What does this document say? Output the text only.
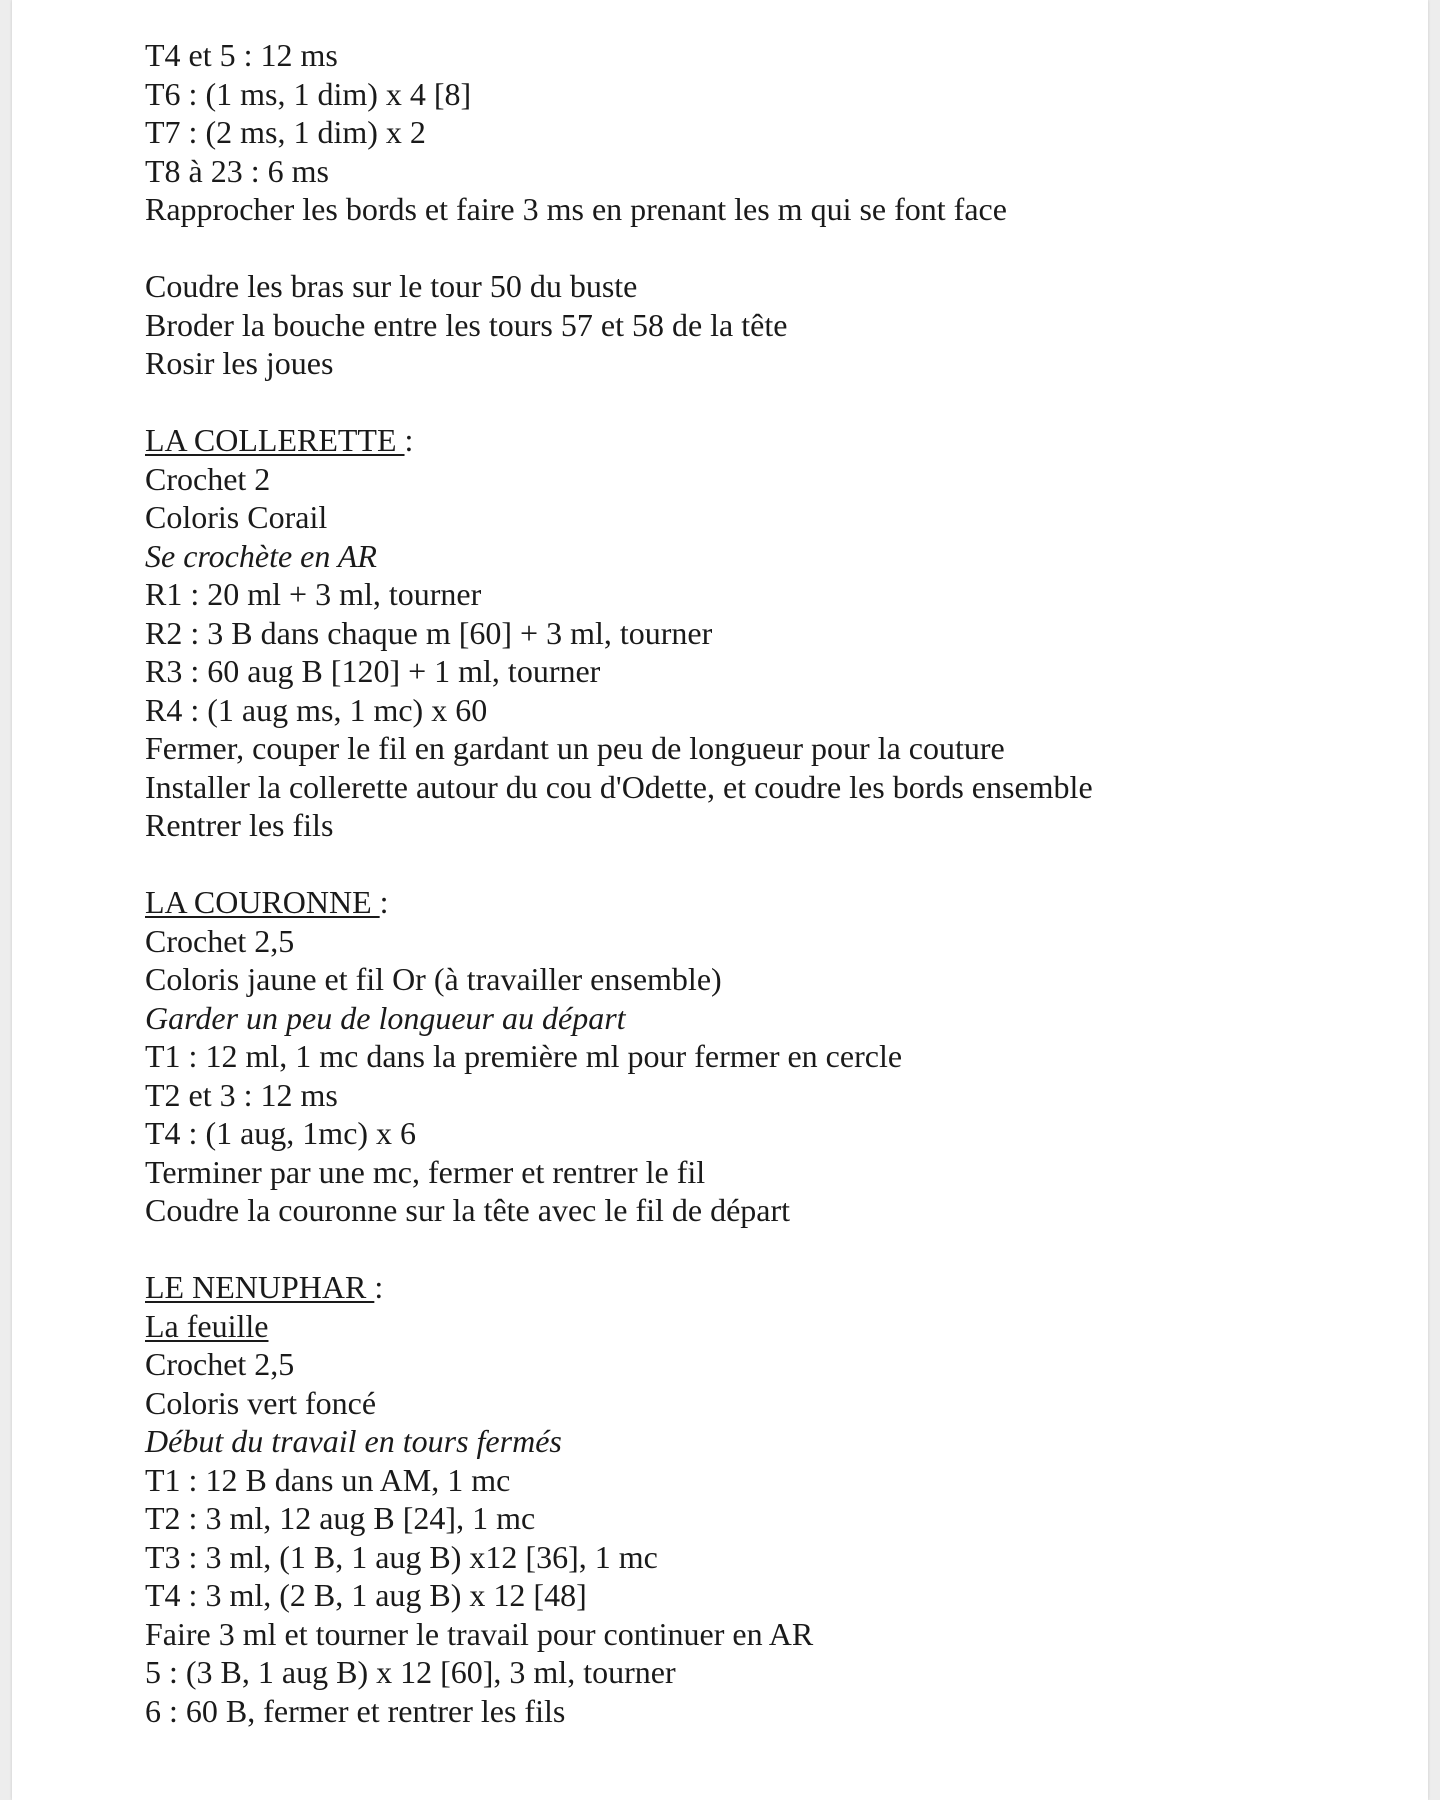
T4 et 5 : 12 ms
T6 : (1 ms, 1 dim) x 4 [8]
T7 : (2 ms, 1 dim) x 2
T8 à 23 : 6 ms
Rapprocher les bords et faire 3 ms en prenant les m qui se font face
Coudre les bras sur le tour 50 du buste
Broder la bouche entre les tours 57 et 58 de la tête
Rosir les joues
LA COLLERETTE :
Crochet 2
Coloris Corail
Se crochète en AR
R1 : 20 ml + 3 ml, tourner
R2 : 3 B dans chaque m [60] + 3 ml, tourner
R3 : 60 aug B [120] + 1 ml, tourner
R4 : (1 aug ms, 1 mc) x 60
Fermer, couper le fil en gardant un peu de longueur pour la couture
Installer la collerette autour du cou d'Odette, et coudre les bords ensemble
Rentrer les fils
LA COURONNE :
Crochet 2,5
Coloris jaune et fil Or (à travailler ensemble)
Garder un peu de longueur au départ
T1 : 12 ml, 1 mc dans la première ml pour fermer en cercle
T2 et 3 : 12 ms
T4 : (1 aug, 1mc) x 6
Terminer par une mc, fermer et rentrer le fil
Coudre la couronne sur la tête avec le fil de départ
LE NENUPHAR :
La feuille
Crochet 2,5
Coloris vert foncé
Début du travail en tours fermés
T1 : 12 B dans un AM, 1 mc
T2 : 3 ml, 12 aug B [24], 1 mc
T3 : 3 ml, (1 B, 1 aug B) x12 [36], 1 mc
T4 : 3 ml, (2 B, 1 aug B) x 12 [48]
Faire 3 ml et tourner le travail pour continuer en AR
5 : (3 B, 1 aug B) x 12 [60], 3 ml, tourner
6 : 60 B, fermer et rentrer les fils
